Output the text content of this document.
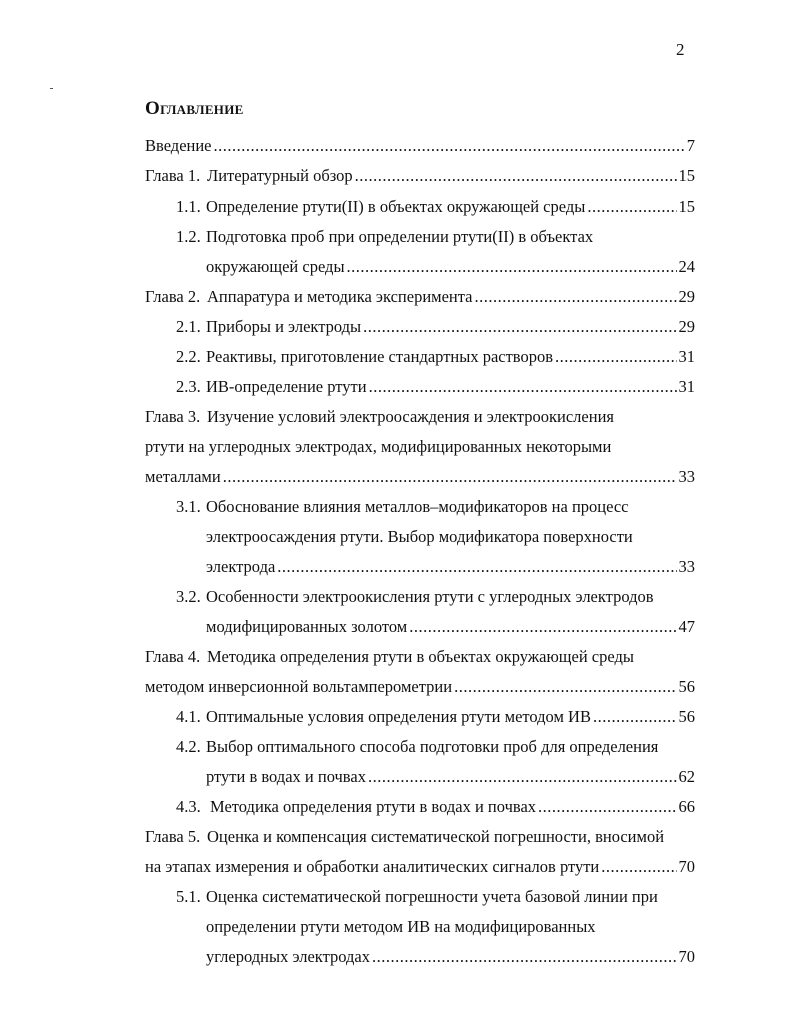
2
Оглавление
Введение .....	7
Глава 1. Литературный обзор .....	15
1.1. Определение ртути(II) в объектах окружающей среды .....	15
1.2. Подготовка проб при определении ртути(II) в объектах
окружающей среды .....	24
Глава 2. Аппаратура и методика эксперимента .....	29
2.1. Приборы и электроды .....	29
2.2. Реактивы, приготовление стандартных растворов .....	31
2.3. ИВ-определение ртути .....	31
Глава 3. Изучение условий электроосаждения и электроокисления
ртути на углеродных электродах, модифицированных некоторыми
металлами .....	33
3.1. Обоснование влияния металлов–модификаторов на процесс
электроосаждения ртути. Выбор модификатора поверхности
электрода .....	33
3.2. Особенности электроокисления ртути с углеродных электродов
модифицированных золотом .....	47
Глава 4. Методика определения ртути в объектах окружающей среды
методом инверсионной вольтамперометрии .....	56
4.1. Оптимальные условия определения ртути методом ИВ .....	56
4.2. Выбор оптимального способа подготовки проб для определения
ртути в водах и почвах .....	62
4.3. Методика определения ртути в водах и почвах .....	66
Глава 5. Оценка и компенсация систематической погрешности, вносимой
на этапах измерения и обработки аналитических сигналов ртути .....	70
5.1. Оценка систематической погрешности учета базовой линии при
определении ртути методом ИВ на модифицированных
углеродных электродах .....	70
